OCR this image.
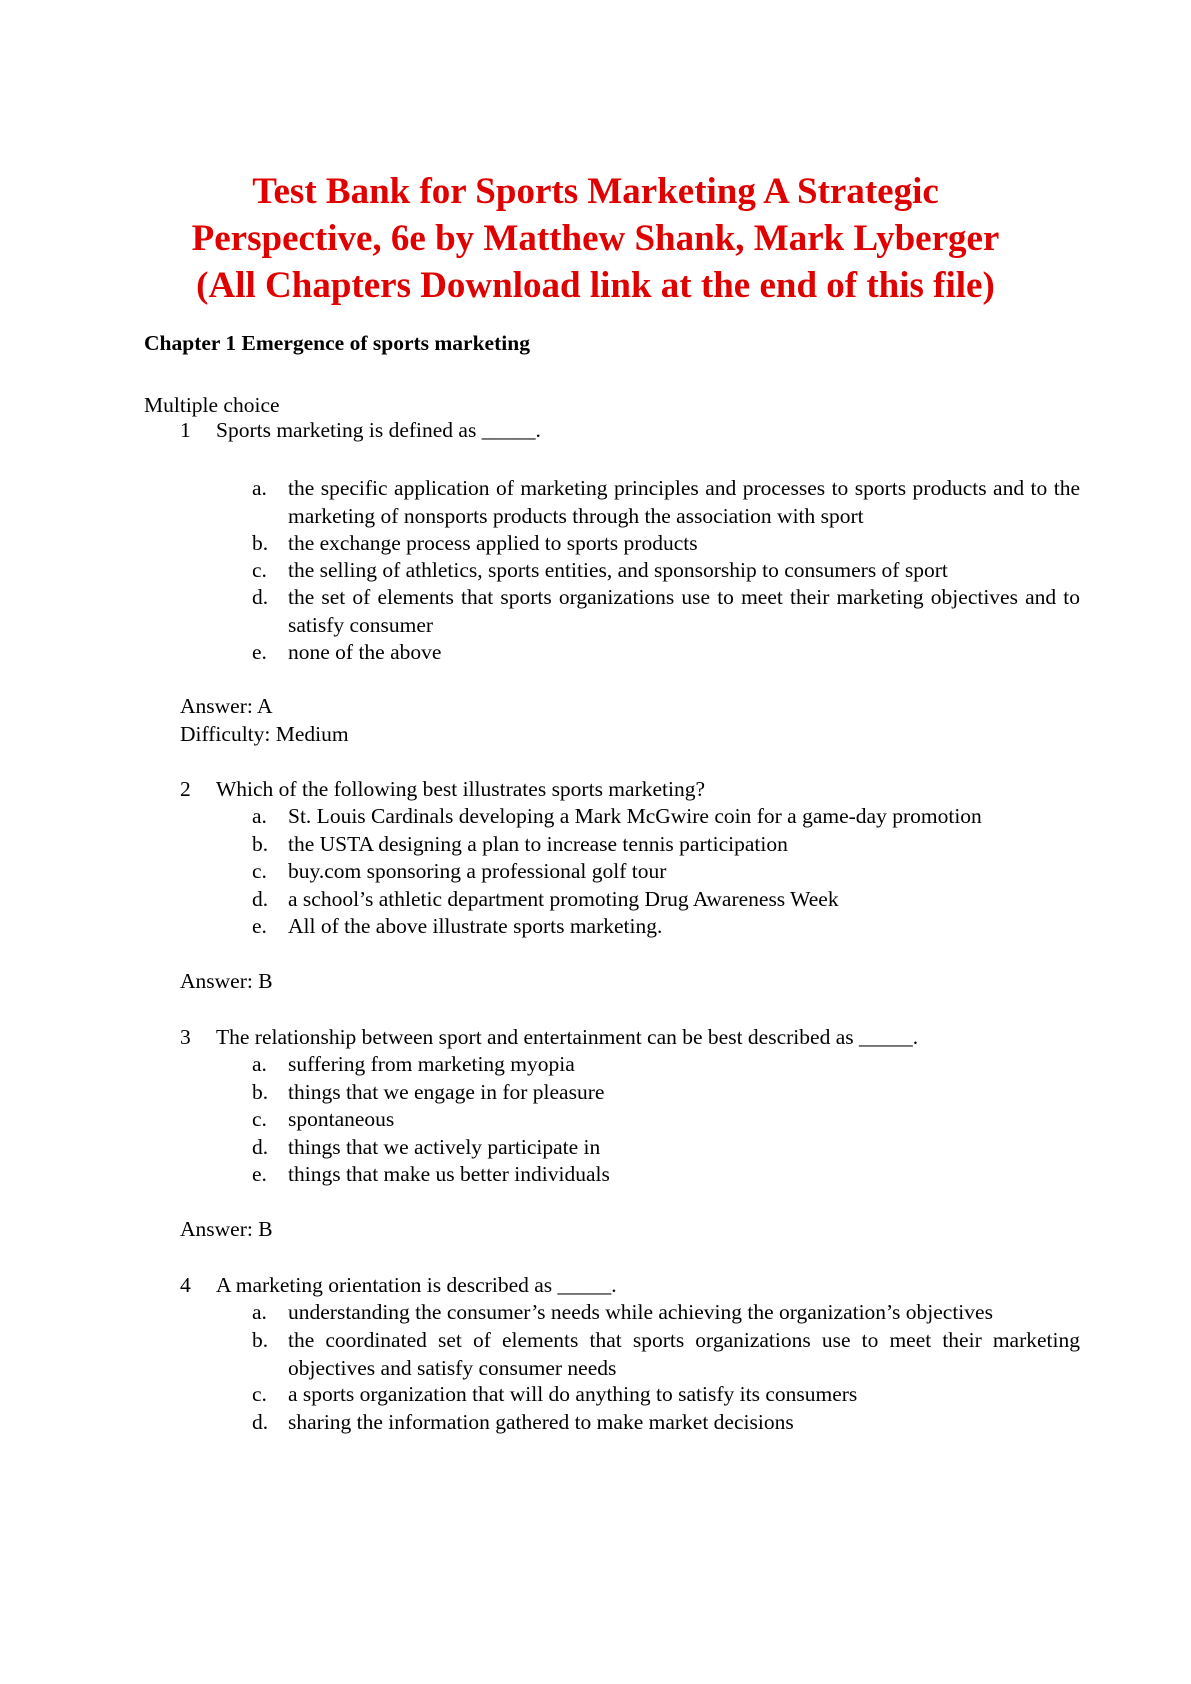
Test Bank for Sports Marketing A Strategic
Perspective, 6e by Matthew Shank, Mark Lyberger
(All Chapters Download link at the end of this file)
Chapter 1 Emergence of sports marketing
Multiple choice
1 Sports marketing is defined as _____.
a. the specific application of marketing principles and processes to sports products and to the marketing of nonsports products through the association with sport
b. the exchange process applied to sports products
c. the selling of athletics, sports entities, and sponsorship to consumers of sport
d. the set of elements that sports organizations use to meet their marketing objectives and to satisfy consumer
e. none of the above
Answer: A
Difficulty: Medium
2 Which of the following best illustrates sports marketing?
a. St. Louis Cardinals developing a Mark McGwire coin for a game-day promotion
b. the USTA designing a plan to increase tennis participation
c. buy.com sponsoring a professional golf tour
d. a school’s athletic department promoting Drug Awareness Week
e. All of the above illustrate sports marketing.
Answer: B
3 The relationship between sport and entertainment can be best described as _____.
a. suffering from marketing myopia
b. things that we engage in for pleasure
c. spontaneous
d. things that we actively participate in
e. things that make us better individuals
Answer: B
4 A marketing orientation is described as _____.
a. understanding the consumer’s needs while achieving the organization’s objectives
b. the coordinated set of elements that sports organizations use to meet their marketing objectives and satisfy consumer needs
c. a sports organization that will do anything to satisfy its consumers
d. sharing the information gathered to make market decisions
